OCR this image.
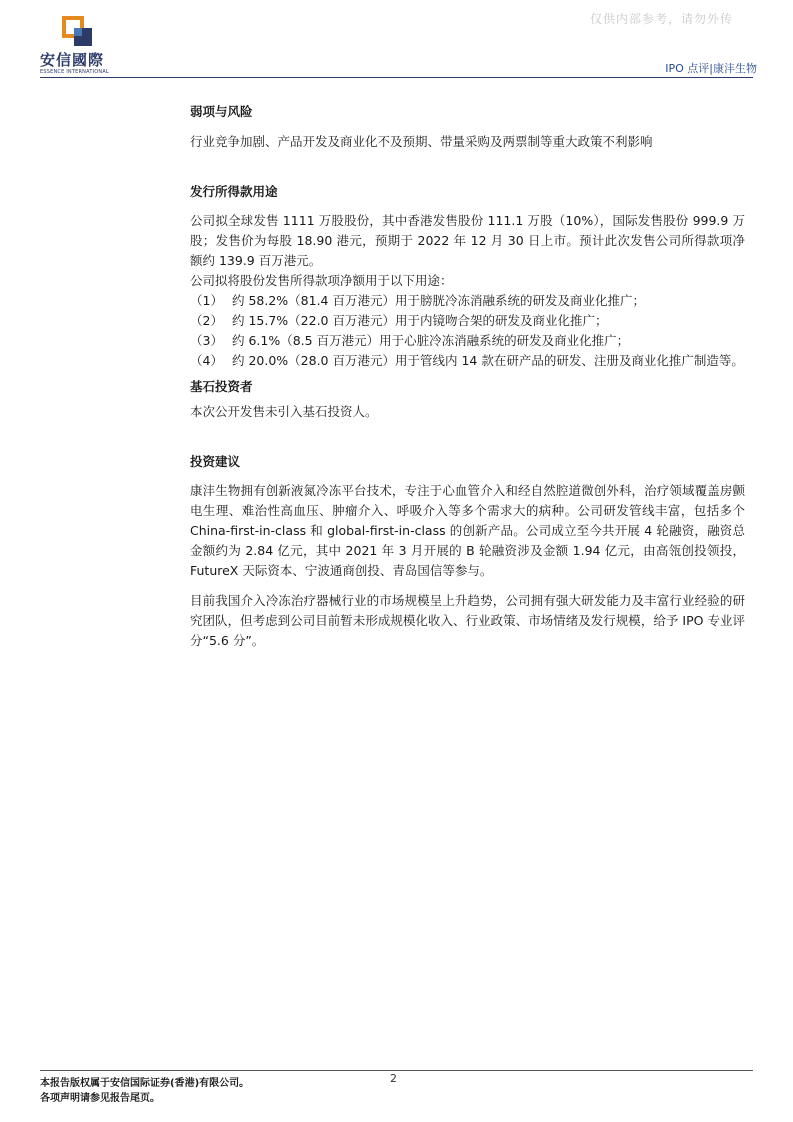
安信國際
ESSENCE INTERNATIONAL
仅供内部参考，请勿外传
IPO 点评|康沣生物
弱项与风险

行业竞争加剧、产品开发及商业化不及预期、带量采购及两票制等重大政策不利影响

发行所得款用途

公司拟全球发售 1111 万股股份，其中香港发售股份 111.1 万股（10%），国际发售股份 999.9 万股；发售价为每股 18.90 港元，预期于 2022 年 12 月 30 日上市。预计此次发售公司所得款项净额约 139.9 百万港元。

公司拟将股份发售所得款项净额用于以下用途：

（1） 约 58.2%（81.4 百万港元）用于膀胱冷冻消融系统的研发及商业化推广；
（2） 约 15.7%（22.0 百万港元）用于内镜吻合架的研发及商业化推广；
（3） 约 6.1%（8.5 百万港元）用于心脏冷冻消融系统的研发及商业化推广；
（4） 约 20.0%（28.0 百万港元）用于管线内 14 款在研产品的研发、注册及商业化推广制造等。
基石投资者

本次公开发售未引入基石投资人。

投资建议

康沣生物拥有创新液氮冷冻平台技术，专注于心血管介入和经自然腔道微创外科，治疗领域覆盖房颤电生理、难治性高血压、肿瘤介入、呼吸介入等多个需求大的病种。公司研发管线丰富，包括多个 China-first-in-class 和 global-first-in-class 的创新产品。公司成立至今共开展 4 轮融资，融资总金额约为 2.84 亿元，其中 2021 年 3 月开展的 B 轮融资涉及金额 1.94 亿元，由高瓴创投领投，FutureX 天际资本、宁波通商创投、青岛国信等参与。

目前我国介入冷冻治疗器械行业的市场规模呈上升趋势，公司拥有强大研发能力及丰富行业经验的研究团队，但考虑到公司目前暂未形成规模化收入、行业政策、市场情绪及发行规模，给予 IPO 专业评分“5.6 分”。

2
本报告版权属于安信国际证券(香港)有限公司。
各项声明请参见报告尾页。
